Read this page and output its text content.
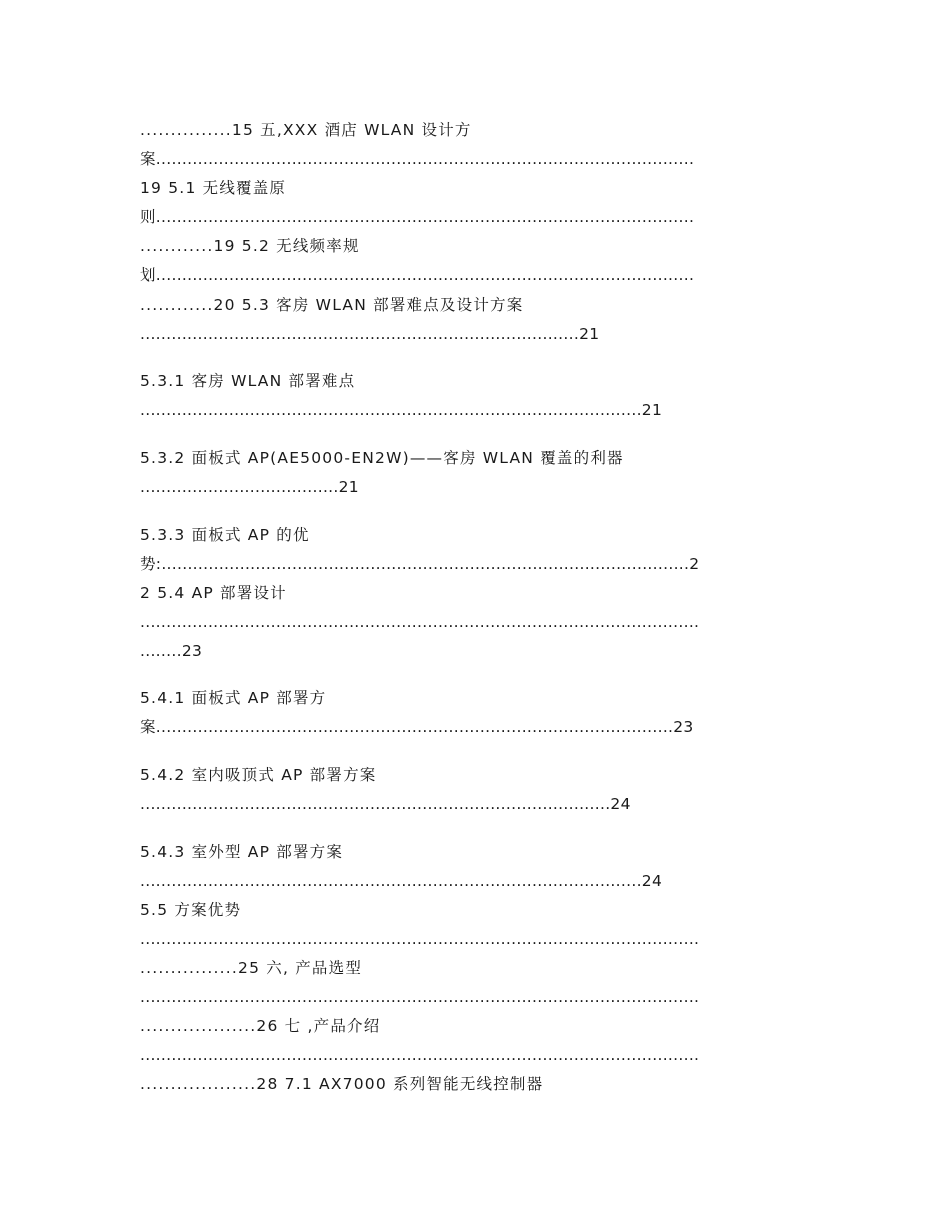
...............15 五,XXX 酒店 WLAN 设计方
案.......................................................................................................
19 5.1 无线覆盖原
则.......................................................................................................
............19 5.2 无线频率规
划.......................................................................................................
............20 5.3 客房 WLAN 部署难点及设计方案
....................................................................................21
5.3.1 客房 WLAN 部署难点
................................................................................................21
5.3.2 面板式 AP(AE5000-EN2W)——客房 WLAN 覆盖的利器
......................................21
5.3.3 面板式 AP 的优
势:.....................................................................................................2
2 5.4 AP 部署设计
...........................................................................................................
........23
5.4.1 面板式 AP 部署方
案...................................................................................................23
5.4.2 室内吸顶式 AP 部署方案
..........................................................................................24
5.4.3 室外型 AP 部署方案
................................................................................................24
5.5 方案优势
...........................................................................................................
................25 六, 产品选型
...........................................................................................................
...................26 七 ,产品介绍
...........................................................................................................
...................28 7.1 AX7000 系列智能无线控制器
